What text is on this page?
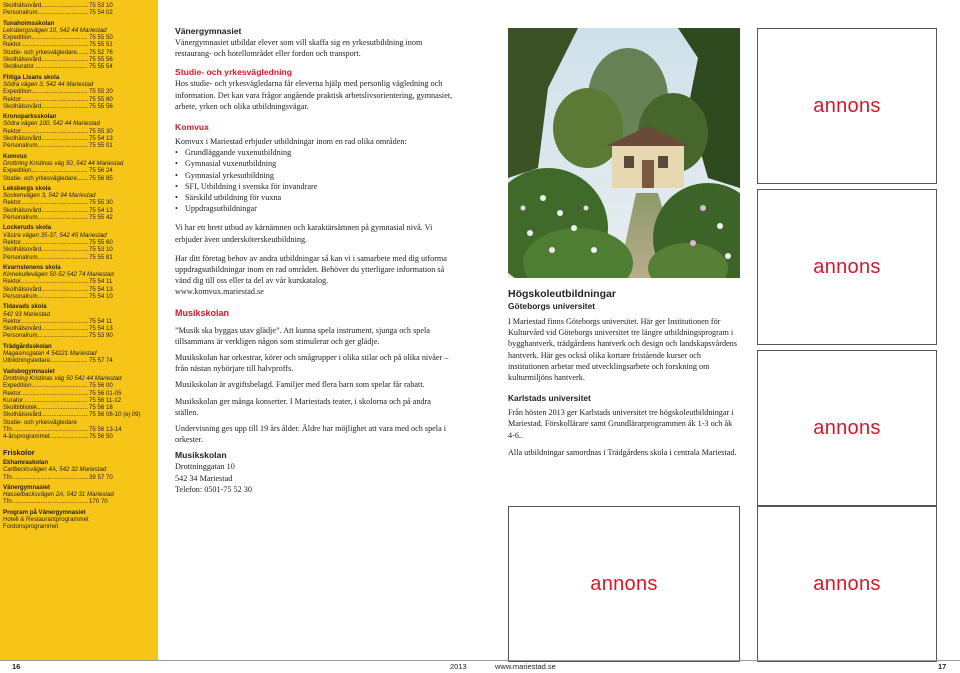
Skolhälsovård .....	75 53 10
Personalrum .....	75 54 02
Tunaholmsskolan
Leksbergsvägen 10, 542 44 Mariestad
Expedition .....	75 55 50
Rektor .....	75 55 51
Studie- och yrkesvägledare ..... 75 52 76
Skolhälsovård .....	75 55 56
Skolkurator .....	75 55 54
Flitiga Lisans skola
Södra vägen 3, 542 44 Mariestad
Expedition .....	75 55 20
Rektor .....	75 55 60
Skolhälsovård .....	75 55 56
Kronoparksskolan
Södra vägen 100, 542 44 Mariestad
Rektor .....	75 55 30
Skolhälsovård .....	75 54 13
Personalrum .....	75 55 01
Komvux
Drottning Kristinas väg 50, 542 44 Mariestad
Expedition .....	75 56 24
Studie- och yrkesvägledare ..... 75 56 85
Leksbergs skola
Sockenvägen 3, 542 94 Mariestad
Rektor .....	75 55 30
Skolhälsovård .....	75 54 13
Personalrum .....	75 55 42
Lockeruds skola
Västra vägen 35-37, 542 45 Mariestad
Rektor .....	75 55 60
Skolhälsovård .....	75 53 10
Personalrum .....	75 55 81
Kvarnstenens skola
Kinnekullevägen 50-52 542 74 Mariestad
Rektor .....	75 54 11
Skolhälsovård .....	75 54 13
Personalrum .....	75 54 10
Tidavads skola
542 93 Mariestad
Rektor .....	75 54 11
Skolhälsovård .....	75 54 13
Personalrum .....	75 53 90
Trädgårdsskolan
Magasinsgatan 4 54221 Mariestad
Utbildningsledare .....	75 57 74
Vadsbogymnasiet
Drottning Kristinas väg 50 542 44 Mariestad
Expedition .....	75 56 00
Rektor .....	75 56 01-05
Kurator .....	75 56 11-12
Skolbibliotek .....	75 56 18
Skolhälsovård .....	75 56 08-10 (ej 09)
Studie- och yrkesvägledare
Tfn .....	75 56 13-14
4-årsprogrammet .....	75 56 50
Friskolor
Ekhamraskolan
Carlbecksvägen 4A, 542 32 Mariestad
Tfn .....	39 57 70
Vänergymnasiet
Hasselbacksvägen 2A, 542 31 Mariestad
Tfn .....	170 70
Program på Vänergymnasiet
Hotell & Restaurantprogrammet
Fordonsprogrammet
Vänergymnasiet

Vänergymnasiet utbildar elever som vill skaffa sig en yrkesutbildning inom restaurang- och hotellområdet eller fordon och transport.

Studie- och yrkesvägledning

Hos studie- och yrkesvägledarna får eleverna hjälp med personlig vägledning och information. Det kan vara frågor angående praktisk arbetslivsorientering, gymnasiet, arbete, yrken och olika utbildningsvägar.

Komvux

Komvux i Mariestad erbjuder utbildningar inom en rad olika områden:

• Grundläggande vuxenutbildning
• Gymnasial vuxenutbildning
• Gymnasial yrkesutbildning
• SFI, Utbildning i svenska för invandrare
• Särskild utbildning för vuxna
• Uppdragsutbildningar

Vi har ett brett utbud av kärnämnen och karaktärsämnen på gymnasial nivå. Vi erbjuder även undersköterskeutbildning.

Har ditt företag behov av andra utbildningar så kan vi i samarbete med dig utforma uppdragsutbildningar inom en rad områden. Behöver du ytterligare information så vänd dig till oss eller ta del av vår kurskatalog.

www.komvux.mariestad.se

Musikskolan

”Musik ska byggas utav glädje”. Att kunna spela instrument, sjunga och spela tillsammans är verkligen någon som stimulerar och ger glädje.

Musikskolan har orkestrar, körer och smågrupper i olika stilar och på olika nivåer – från nästan nybörjare till halvproffs.

Musikskolan är avgiftsbelagd. Familjer med flera barn som spelar får rabatt.

Musikskolan ger många konserter. I Mariestads teater, i skolorna och på andra ställen.

Undervisning ges upp till 19 års ålder. Äldre har möjlighet att vara med och spela i orkester.

Musikskolan
Drottninggatan 10
542 34 Mariestad
Telefon: 0501-75 52 30
Högskoleutbildningar
Göteborgs universitet

I Mariestad finns Göteborgs universitet. Här ger Institutionen för Kulturvård vid Göteborgs universitet tre längre utbildningsprogram i bygghantverk, trädgårdens hantverk och design och landskapsvårdens hantverk. Här ges också olika kortare fristående kurser och institutionen arbetar med utvecklingsarbete och forskning om kulturmiljöns hantverk.

Karlstads universitet

Från hösten 2013 ger Karlstads universitet tre högskoleutbildningar i Mariestad. Förskollärare samt Grundlärarprogrammen åk 1-3 och åk 4-6..

Alla utbildningar samordnas i Trädgårdens skola i centrala Mariestad.

annons
annons
annons
annons	annons
16	2013	www.mariestad.se	17
